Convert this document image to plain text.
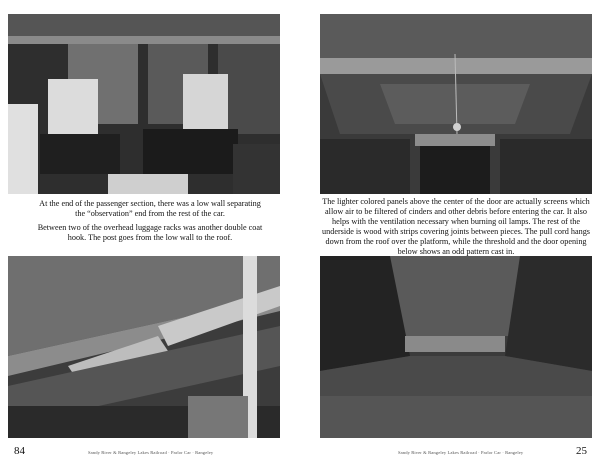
At the end of the passenger section, there was a low wall separating the “observation” end from the rest of the car.

Between two of the overhead luggage racks was another double coat hook. The post goes from the low wall to the roof.

84	Sandy River & Rangeley Lakes Railroad · Parlor Car · Rangeley

The lighter colored panels above the center of the door are actually screens which allow air to be filtered of cinders and other debris before entering the car. It also helps with the ventilation necessary when burning oil lamps. The rest of the underside is wood with strips covering joints between pieces. The pull cord hangs down from the roof over the platform, while the threshold and the door opening below shows an odd pattern cast in.

Sandy River & Rangeley Lakes Railroad · Parlor Car · Rangeley	25
